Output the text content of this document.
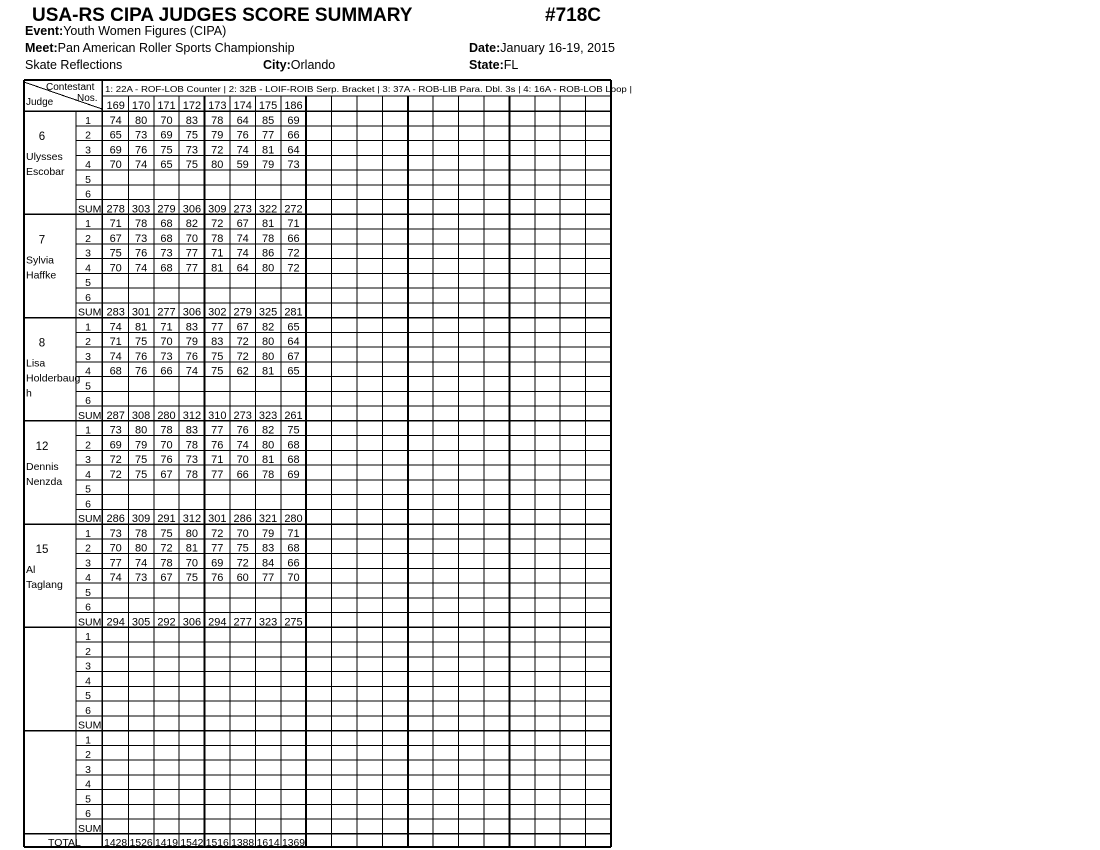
USA-RS CIPA JUDGES SCORE SUMMARY	#718C
Event:Youth Women Figures (CIPA)
Meet:Pan American Roller Sports Championship	Date:January 16-19, 2015
Skate Reflections	City:Orlando	State:FL
Contestant
Nos.
Judge
1: 22A - ROF-LOB Counter | 2: 32B - LOIF-ROIB Serp. Bracket | 3: 37A - ROB-LIB Para. Dbl. 3s | 4: 16A - ROB-LOB Loop |
169 170 171 172 173 174 175 186
6
Ulysses
Escobar
1 74 80 70 83 78 64 85 69
2 65 73 69 75 79 76 77 66
3 69 76 75 73 72 74 81 64
4 70 74 65 75 80 59 79 73
5
6
SUM 278 303 279 306 309 273 322 272
7
Sylvia
Haffke
1 71 78 68 82 72 67 81 71
2 67 73 68 70 78 74 78 66
3 75 76 73 77 71 74 86 72
4 70 74 68 77 81 64 80 72
5
6
SUM 283 301 277 306 302 279 325 281
8
Lisa
Holderbaug
h
1 74 81 71 83 77 67 82 65
2 71 75 70 79 83 72 80 64
3 74 76 73 76 75 72 80 67
4 68 76 66 74 75 62 81 65
5
6
SUM 287 308 280 312 310 273 323 261
12
Dennis
Nenzda
1 73 80 78 83 77 76 82 75
2 69 79 70 78 76 74 80 68
3 72 75 76 73 71 70 81 68
4 72 75 67 78 77 66 78 69
5
6
SUM 286 309 291 312 301 286 321 280
15
Al
Taglang
1 73 78 75 80 72 70 79 71
2 70 80 72 81 77 75 83 68
3 77 74 78 70 69 72 84 66
4 74 73 67 75 76 60 77 70
5
6
SUM 294 305 292 306 294 277 323 275
1
2
3
4
5
6
SUM
1
2
3
4
5
6
SUM
TOTAL 1428 1526 1419 1542 1516 1388 1614 1369
